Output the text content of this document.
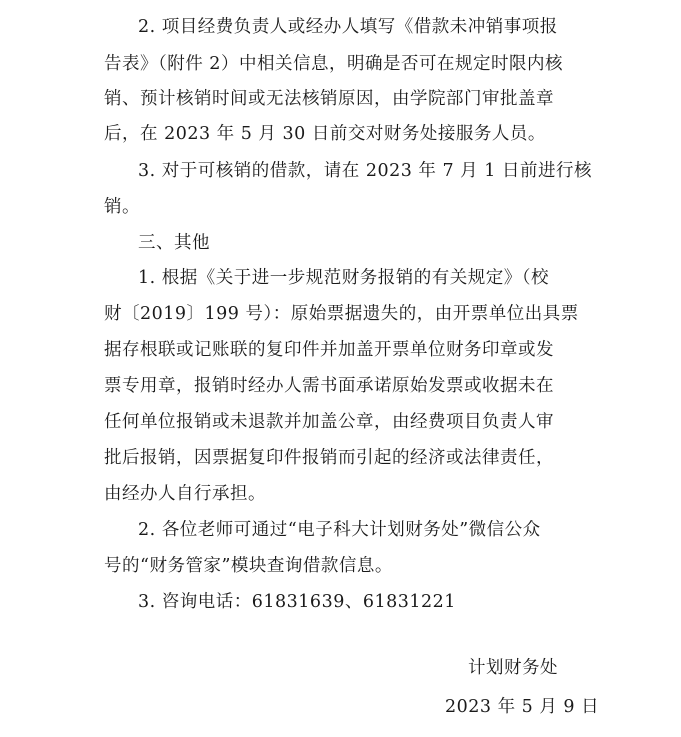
2. 项目经费负责人或经办人填写《借款未冲销事项报
告表》（附件 2）中相关信息，明确是否可在规定时限内核
销、预计核销时间或无法核销原因，由学院部门审批盖章
后，在 2023 年 5 月 30 日前交对财务处接服务人员。
3. 对于可核销的借款，请在 2023 年 7 月 1 日前进行核
销。
三、其他
1. 根据《关于进一步规范财务报销的有关规定》（校
财〔2019〕199 号）：原始票据遗失的，由开票单位出具票
据存根联或记账联的复印件并加盖开票单位财务印章或发
票专用章，报销时经办人需书面承诺原始发票或收据未在
任何单位报销或未退款并加盖公章，由经费项目负责人审
批后报销，因票据复印件报销而引起的经济或法律责任，
由经办人自行承担。
2. 各位老师可通过“电子科大计划财务处”微信公众
号的“财务管家”模块查询借款信息。
3. 咨询电话：61831639、61831221
计划财务处
2023 年 5 月 9 日
